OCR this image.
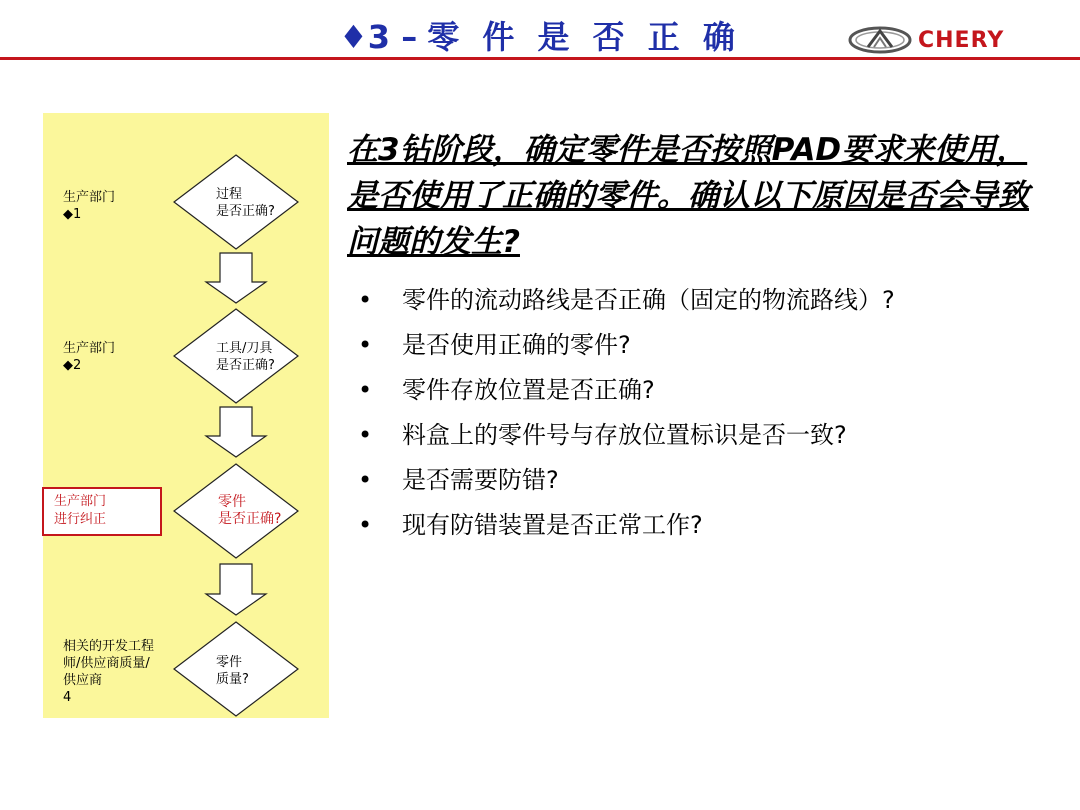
♦3 – 零 件 是 否 正 确	CHERY
生产部门
◆1
生产部门
◆2
生产部门
进行纠正
相关的开发工程
师/供应商质量/
供应商
4
过程
是否正确?
工具/刀具
是否正确?
零件
是否正确?
零件
质量?
在3钻阶段，确定零件是否按照PAD要求来使用，是否使用了正确的零件。确认以下原因是否会导致问题的发生?
•	零件的流动路线是否正确（固定的物流路线）?
•	是否使用正确的零件?
•	零件存放位置是否正确?
•	料盒上的零件号与存放位置标识是否一致?
•	是否需要防错?
•	现有防错装置是否正常工作?
